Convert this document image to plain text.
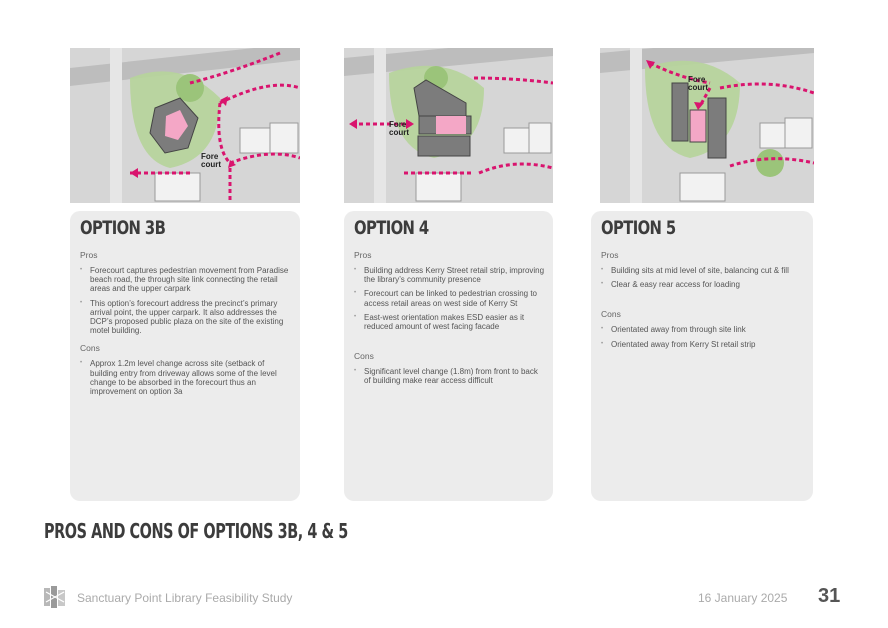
Fore
court
Fore
court
Fore
court
OPTION 3B
Pros
• Forecourt captures pedestrian movement from Paradise beach road, the through site link connecting the retail areas and the upper carpark
• This option’s forecourt address the precinct’s primary arrival point, the upper carpark. It also addresses the DCP’s proposed public plaza on the site of the existing motel building.
Cons
• Approx 1.2m level change across site (setback of building entry from driveway allows some of the level change to be absorbed in the forecourt thus an improvement on option 3a
OPTION 4
Pros
• Building address Kerry Street retail strip, improving the library’s community presence
• Forecourt can be linked to pedestrian crossing to access retail areas on west side of Kerry St
• East-west orientation makes ESD easier as it reduced amount of west facing facade
Cons
• Significant level change (1.8m) from front to back of building make rear access difficult
OPTION 5
Pros
• Building sits at mid level of site, balancing cut & fill
• Clear & easy rear access for loading
Cons
• Orientated away from through site link
• Orientated away from Kerry St retail strip
PROS AND CONS OF OPTIONS 3B, 4 & 5
Sanctuary Point Library Feasibility Study	16 January 2025 31
